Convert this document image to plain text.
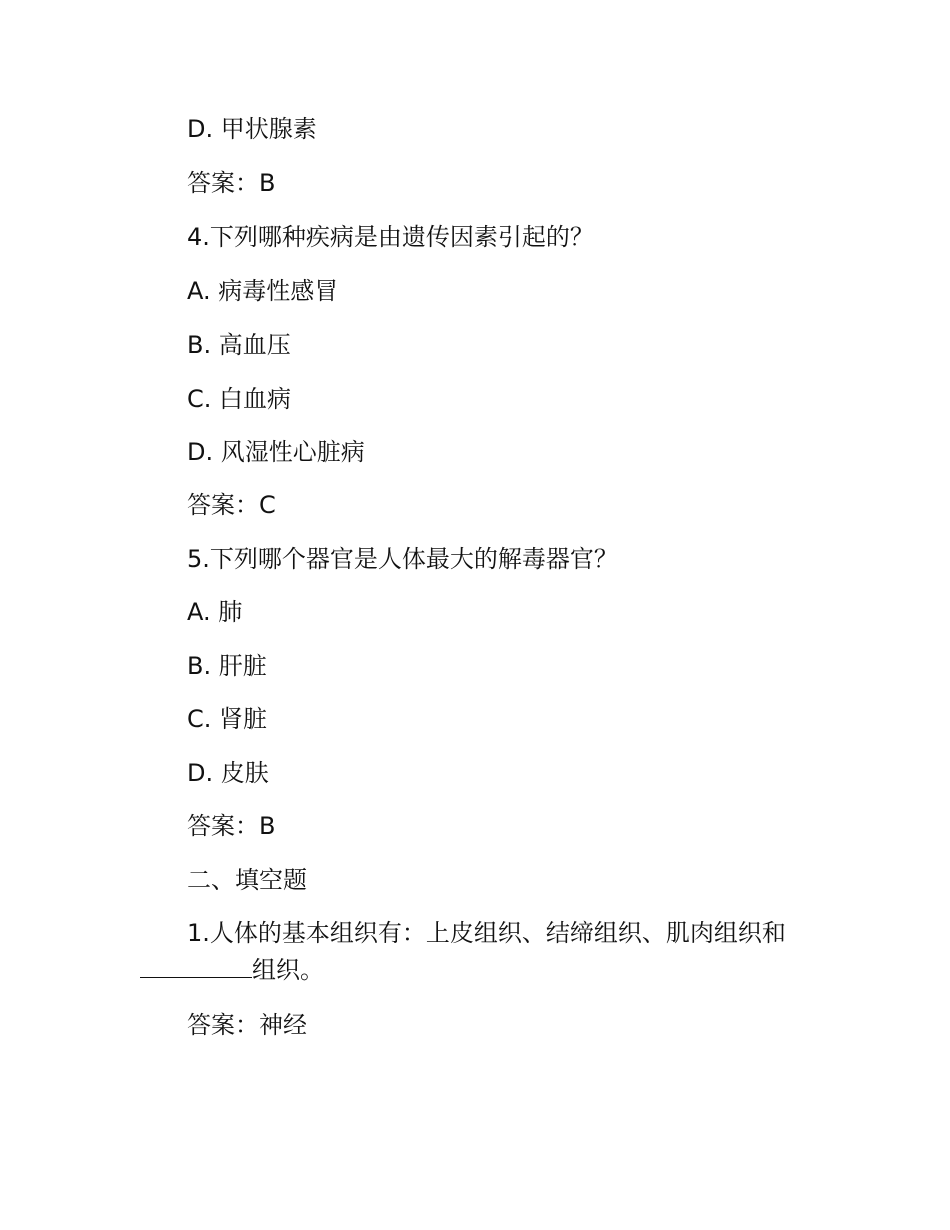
D. 甲状腺素
答案：B
4.下列哪种疾病是由遗传因素引起的？
A. 病毒性感冒
B. 高血压
C. 白血病
D. 风湿性心脏病
答案：C
5.下列哪个器官是人体最大的解毒器官？
A. 肺
B. 肝脏
C. 肾脏
D. 皮肤
答案：B
二、填空题
1.人体的基本组织有：上皮组织、结缔组织、肌肉组织和
组织。
答案：神经
